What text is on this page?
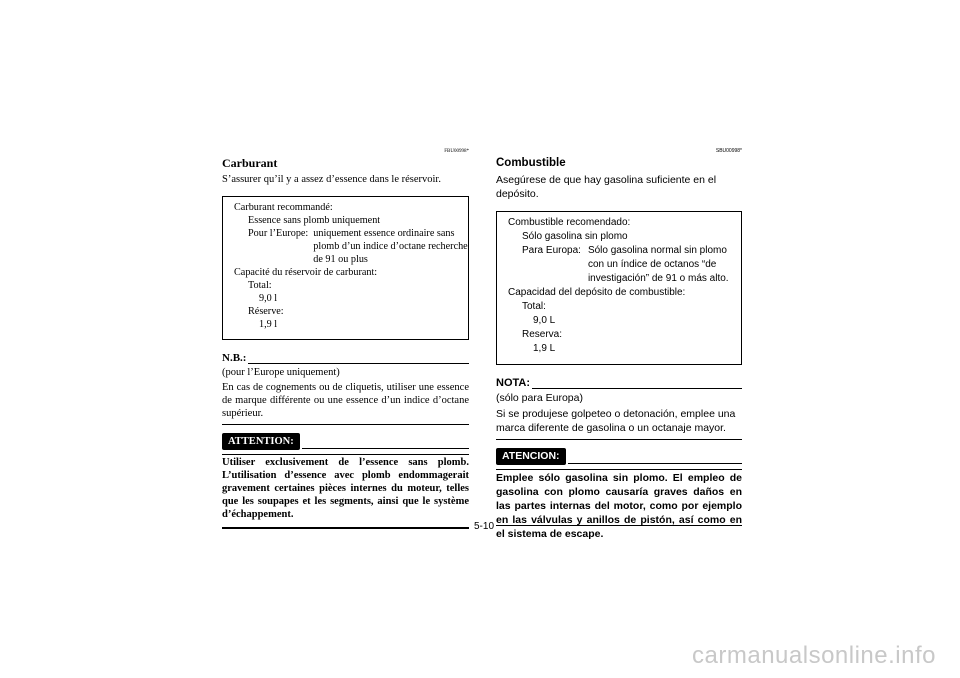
FBU00998*
Carburant
S’assurer qu’il y a assez d’essence dans le réservoir.
Carburant recommandé:
Essence sans plomb uniquement
Pour l’Europe: uniquement essence ordinaire sans plomb d’un indice d’octane recherche de 91 ou plus
Capacité du réservoir de carburant:
Total:
9,0 l
Réserve:
1,9 l
N.B.:
(pour l’Europe uniquement)
En cas de cognements ou de cliquetis, utiliser une essence de marque différente ou une essence d’un indice d’octane supérieur.
ATTENTION:
Utiliser exclusivement de l’essence sans plomb. L’utilisation d’essence avec plomb endommagerait gravement certaines pièces internes du moteur, telles que les soupapes et les segments, ainsi que le système d’échappement.
SBU00998*
Combustible
Asegúrese de que hay gasolina suficiente en el depósito.
Combustible recomendado:
Sólo gasolina sin plomo
Para Europa: Sólo gasolina normal sin plomo con un índice de octanos “de investigación” de 91 o más alto.
Capacidad del depósito de combustible:
Total:
9,0 L
Reserva:
1,9 L
NOTA:
(sólo para Europa)
Si se produjese golpeteo o detonación, emplee una marca diferente de gasolina o un octanaje mayor.
ATENCION:
Emplee sólo gasolina sin plomo. El empleo de gasolina con plomo causaría graves daños en las partes internas del motor, como por ejemplo en las válvulas y anillos de pistón, así como en el sistema de escape.
5-10
carmanualsonline.info
